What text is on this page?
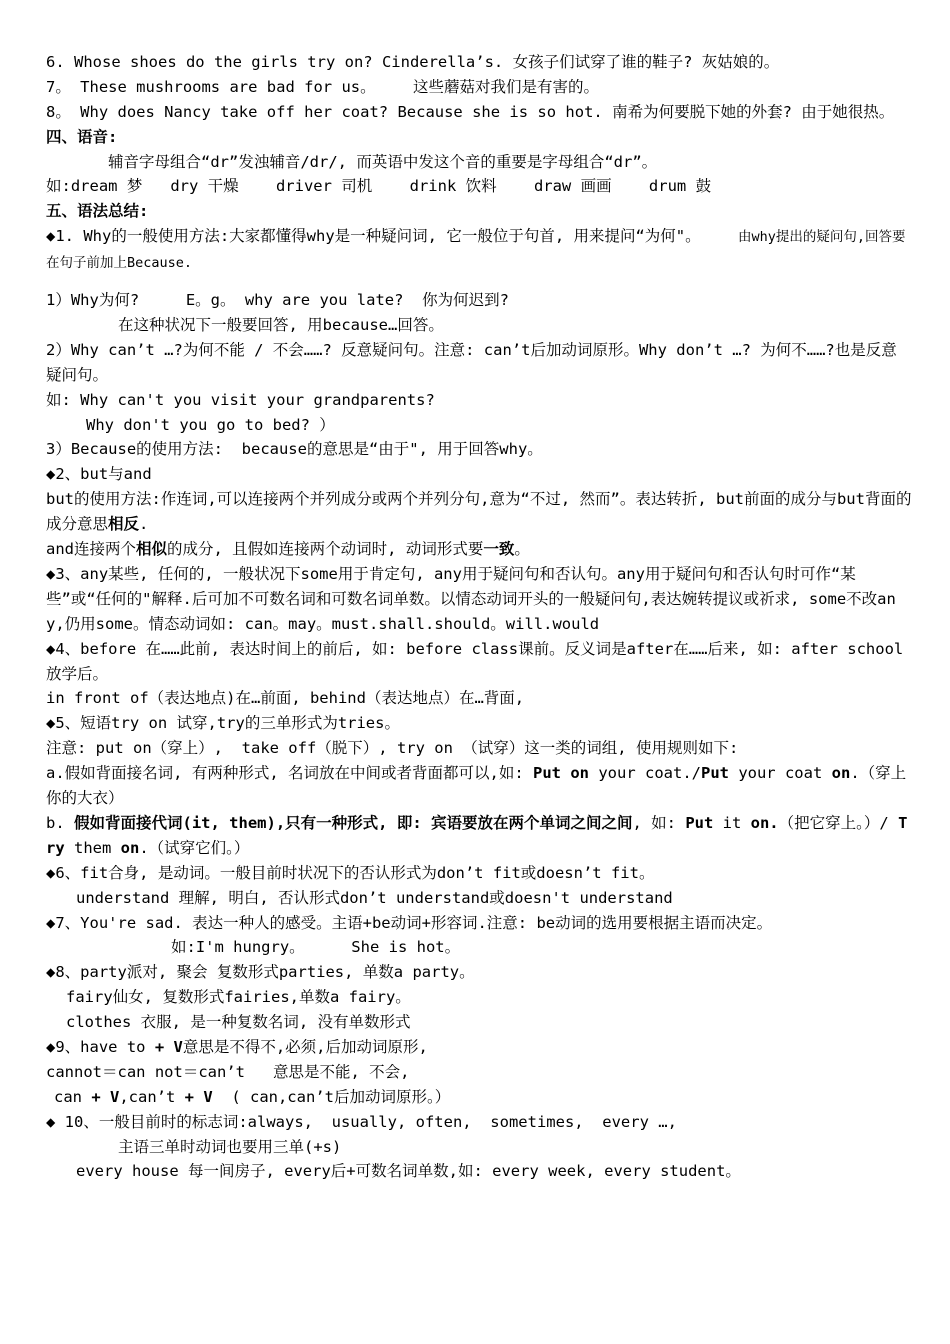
6. Whose shoes do the girls try on? Cinderella’s. 女孩子们试穿了谁的鞋子? 灰姑娘的。
7。 These mushrooms are bad for us。    这些蘑菇对我们是有害的。
8。 Why does Nancy take off her coat? Because she is so hot. 南希为何要脱下她的外套? 由于她很热。
四、语音:
辅音字母组合“dr”发浊辅音/dr/, 而英语中发这个音的重要是字母组合“dr”。
如:dream 梦   dry 干燥    driver 司机    drink 饮料    draw 画画    drum 鼓
五、语法总结:
◆1. Why的一般使用方法:大家都懂得why是一种疑问词, 它一般位于句首, 用来提问“为何"。	由why提出的疑问句,回答要在句子前加上Because.
1）Why为何?     E。g。 why are you late?  你为何迟到?
在这种状况下一般要回答, 用because…回答。
2）Why can’t …?为何不能 / 不会……? 反意疑问句。注意: can’t后加动词原形。Why don’t …? 为何不……?也是反意疑问句。
如: Why can't you visit your grandparents?
Why don't you go to bed? ）
3）Because的使用方法:  because的意思是“由于", 用于回答why。
◆2、but与and
but的使用方法:作连词,可以连接两个并列成分或两个并列分句,意为“不过, 然而”。表达转折, but前面的成分与but背面的成分意思相反.
and连接两个相似的成分, 且假如连接两个动词时, 动词形式要一致。
◆3、any某些, 任何的, 一般状况下some用于肯定句, any用于疑问句和否认句。any用于疑问句和否认句时可作“某些”或“任何的"解释.后可加不可数名词和可数名词单数。以情态动词开头的一般疑问句,表达婉转提议或祈求, some不改any,仍用some。情态动词如: can。may。must.shall.should。will.would
◆4、before 在……此前, 表达时间上的前后, 如: before class课前。反义词是after在……后来, 如: after school 放学后。
in front of（表达地点)在…前面, behind（表达地点）在…背面,
◆5、短语try on 试穿,try的三单形式为tries。
注意: put on（穿上）,  take off（脱下）, try on （试穿）这一类的词组, 使用规则如下:
a.假如背面接名词, 有两种形式, 名词放在中间或者背面都可以,如: Put on your coat./Put your coat on.（穿上你的大衣）
b. 假如背面接代词(it, them),只有一种形式, 即: 宾语要放在两个单词之间之间, 如: Put it on.（把它穿上。）/ Try them on.（试穿它们。）
◆6、fit合身, 是动词。一般目前时状况下的否认形式为don’t fit或doesn’t fit。
understand 理解, 明白, 否认形式don’t understand或doesn't understand
◆7、You're sad. 表达一种人的感受。主语+be动词+形容词.注意: be动词的选用要根据主语而决定。
如:I'm hungry。     She is hot。
◆8、party派对, 聚会 复数形式parties, 单数a party。
fairy仙女, 复数形式fairies,单数a fairy。
clothes 衣服, 是一种复数名词, 没有单数形式
◆9、have to + V意思是不得不,必须,后加动词原形,
cannot＝can not＝can’t   意思是不能, 不会,
can + V,can’t + V  ( can,can’t后加动词原形。）
◆ 10、一般目前时的标志词:always,  usually, often,  sometimes,  every …,
主语三单时动词也要用三单(+s)
every house 每一间房子, every后+可数名词单数,如: every week, every student。
